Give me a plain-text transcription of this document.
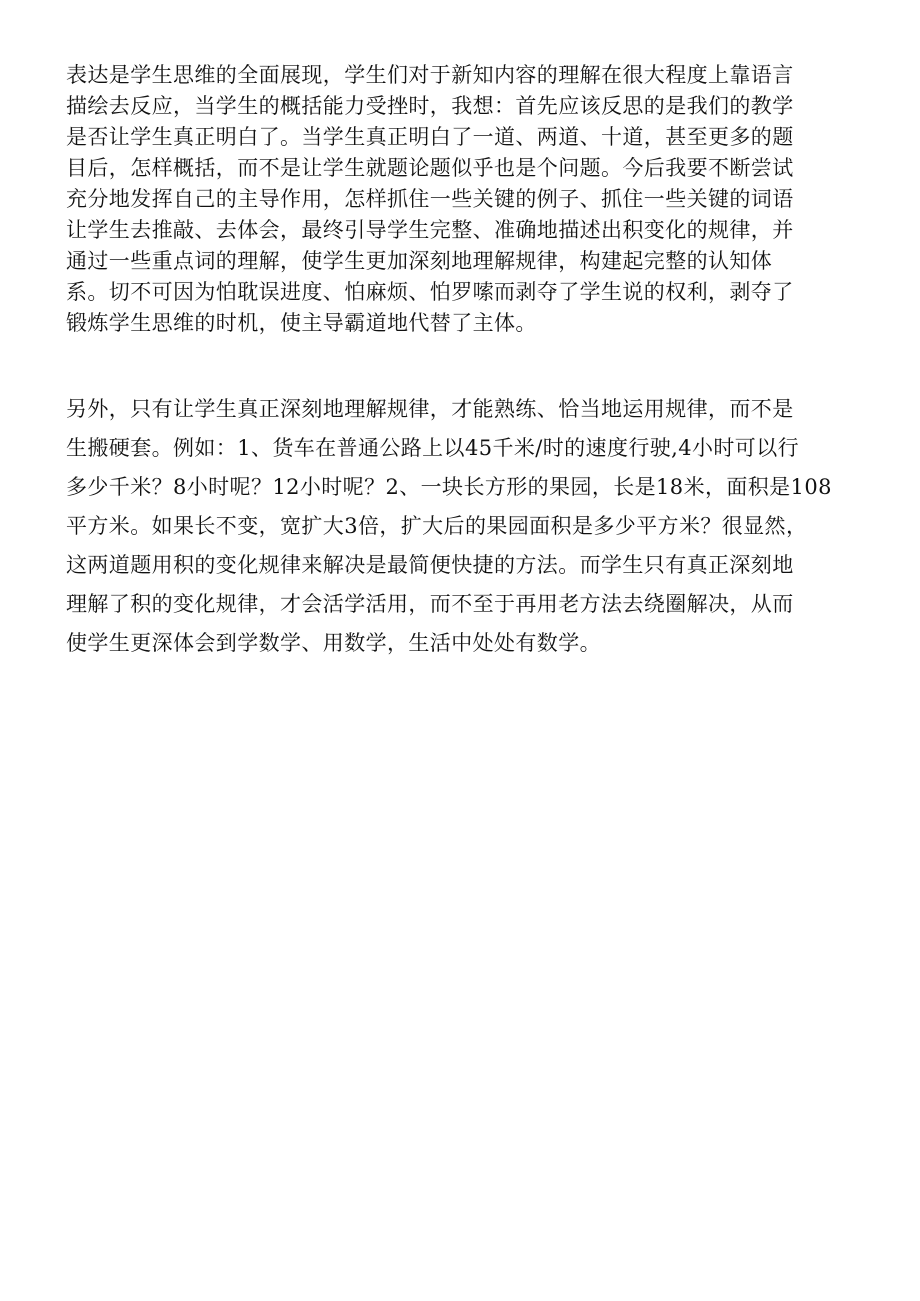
表达是学生思维的全面展现，学生们对于新知内容的理解在很大程度上靠语言
描绘去反应，当学生的概括能力受挫时，我想：首先应该反思的是我们的教学
是否让学生真正明白了。当学生真正明白了一道、两道、十道，甚至更多的题
目后，怎样概括，而不是让学生就题论题似乎也是个问题。今后我要不断尝试
充分地发挥自己的主导作用，怎样抓住一些关键的例子、抓住一些关键的词语
让学生去推敲、去体会，最终引导学生完整、准确地描述出积变化的规律，并
通过一些重点词的理解，使学生更加深刻地理解规律，构建起完整的认知体
系。切不可因为怕耽误进度、怕麻烦、怕罗嗦而剥夺了学生说的权利，剥夺了
锻炼学生思维的时机，使主导霸道地代替了主体。

另外，只有让学生真正深刻地理解规律，才能熟练、恰当地运用规律，而不是
生搬硬套。例如：1、货车在普通公路上以45千米/时的速度行驶,4小时可以行
多少千米？8小时呢？12小时呢？2、一块长方形的果园，长是18米，面积是108
平方米。如果长不变，宽扩大3倍，扩大后的果园面积是多少平方米？很显然，
这两道题用积的变化规律来解决是最简便快捷的方法。而学生只有真正深刻地
理解了积的变化规律，才会活学活用，而不至于再用老方法去绕圈解决，从而
使学生更深体会到学数学、用数学，生活中处处有数学。
